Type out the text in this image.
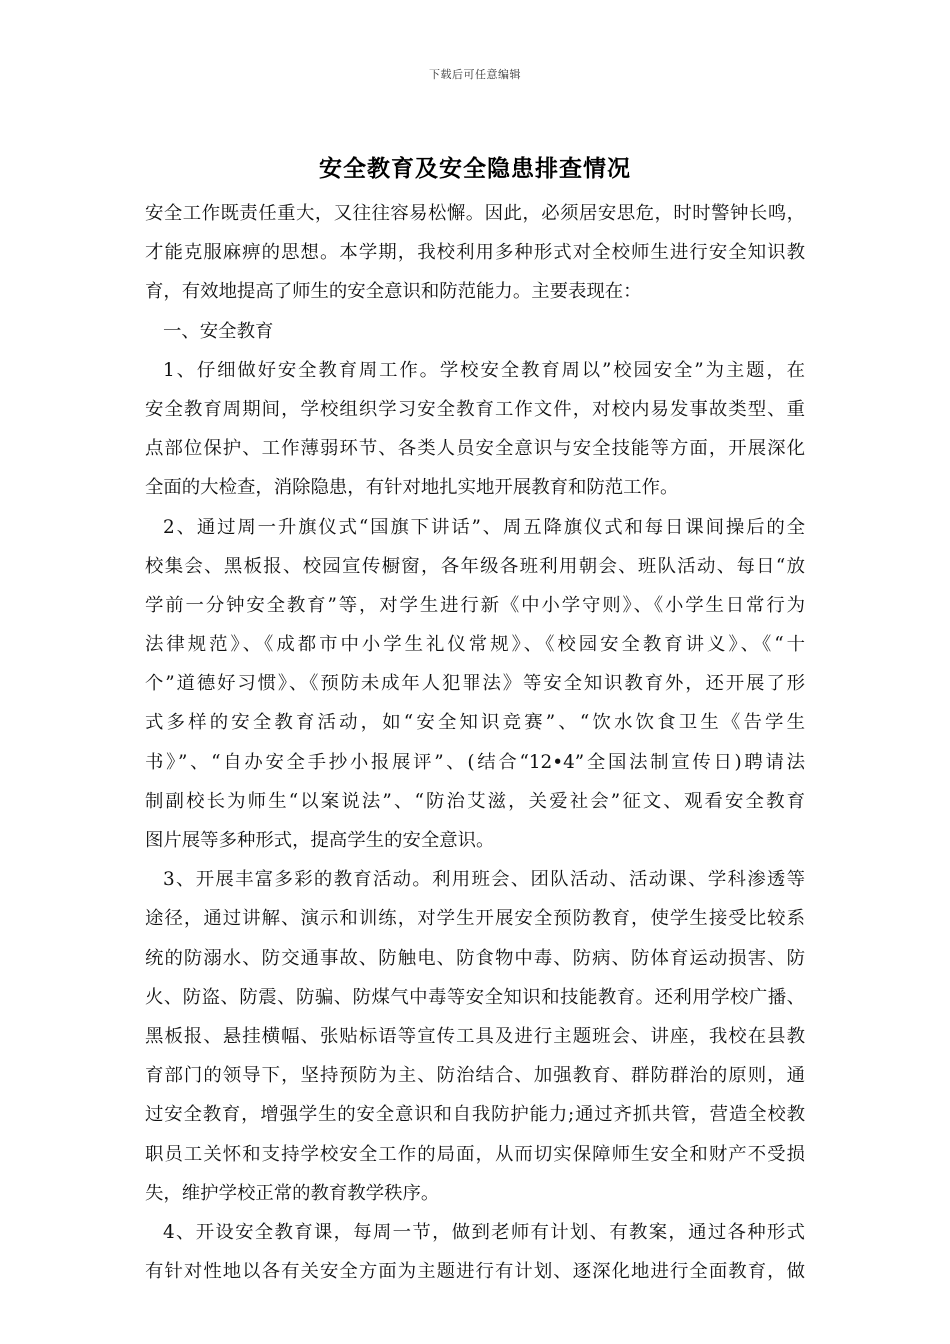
下载后可任意编辑
安全教育及安全隐患排查情况
安全工作既责任重大，又往往容易松懈。因此，必须居安思危，时时警钟长鸣，
才能克服麻痹的思想。本学期，我校利用多种形式对全校师生进行安全知识教
育，有效地提高了师生的安全意识和防范能力。主要表现在：
一、安全教育
1、仔细做好安全教育周工作。学校安全教育周以”校园安全”为主题，在
安全教育周期间，学校组织学习安全教育工作文件，对校内易发事故类型、重
点部位保护、工作薄弱环节、各类人员安全意识与安全技能等方面，开展深化
全面的大检查，消除隐患，有针对地扎实地开展教育和防范工作。
2、通过周一升旗仪式“国旗下讲话”、周五降旗仪式和每日课间操后的全
校集会、黑板报、校园宣传橱窗，各年级各班利用朝会、班队活动、每日“放
学前一分钟安全教育”等，对学生进行新《中小学守则》、《小学生日常行为
法律规范》、《成都市中小学生礼仪常规》、《校园安全教育讲义》、《“十
个”道德好习惯》、《预防未成年人犯罪法》等安全知识教育外，还开展了形
式多样的安全教育活动，如“安全知识竞赛”、“饮水饮食卫生《告学生
书》”、“自办安全手抄小报展评”、(结合“12•4”全国法制宣传日)聘请法
制副校长为师生“以案说法”、“防治艾滋，关爱社会”征文、观看安全教育
图片展等多种形式，提高学生的安全意识。
3、开展丰富多彩的教育活动。利用班会、团队活动、活动课、学科渗透等
途径，通过讲解、演示和训练，对学生开展安全预防教育，使学生接受比较系
统的防溺水、防交通事故、防触电、防食物中毒、防病、防体育运动损害、防
火、防盗、防震、防骗、防煤气中毒等安全知识和技能教育。还利用学校广播、
黑板报、悬挂横幅、张贴标语等宣传工具及进行主题班会、讲座，我校在县教
育部门的领导下，坚持预防为主、防治结合、加强教育、群防群治的原则，通
过安全教育，增强学生的安全意识和自我防护能力;通过齐抓共管，营造全校教
职员工关怀和支持学校安全工作的局面，从而切实保障师生安全和财产不受损
失，维护学校正常的教育教学秩序。
4、开设安全教育课，每周一节，做到老师有计划、有教案，通过各种形式
有针对性地以各有关安全方面为主题进行有计划、逐深化地进行全面教育，做
